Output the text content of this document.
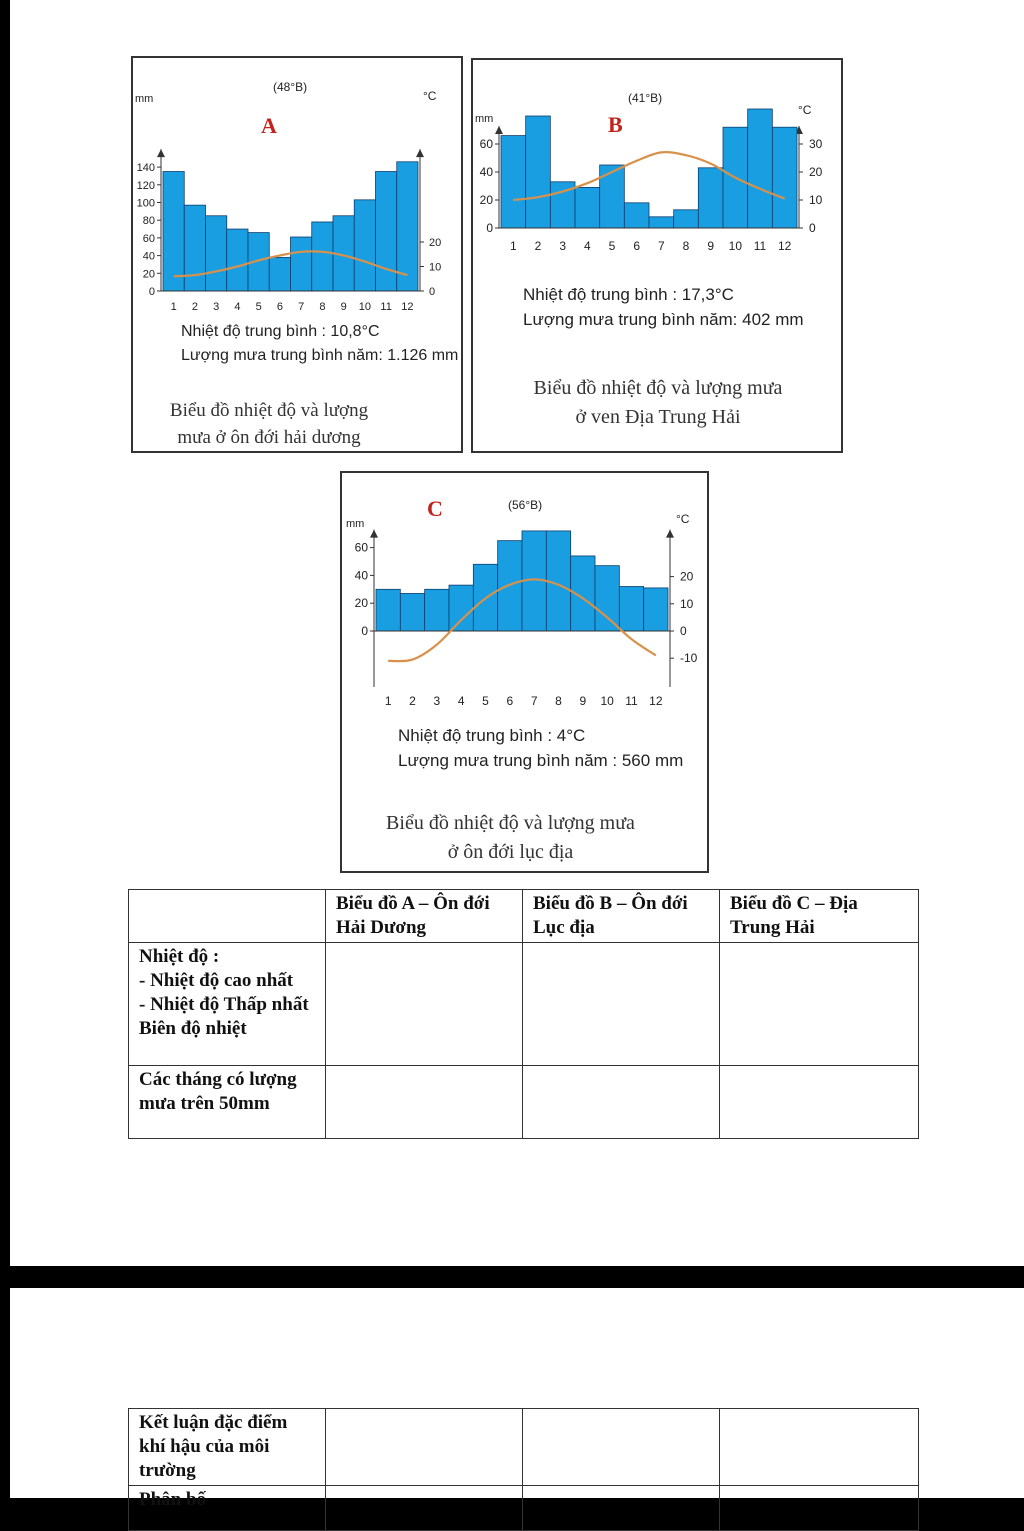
(48°B)
A
mm	°C
0
20
40
60
80
100
120
140
0
10
20
1 2 3 4 5 6 7 8 9 10 11 12
Nhiệt độ trung bình : 10,8°C
Lượng mưa trung bình năm: 1.126 mm
Biểu đồ nhiệt độ và lượng
mưa ở ôn đới hải dương
(41°B)
B
mm
°C
0
20
40
60
0
10
20
30
1 2 3 4 5 6 7 8 9 10 11 12
Nhiệt độ trung bình : 17,3°C
Lượng mưa trung bình năm: 402 mm
Biểu đồ nhiệt độ và lượng mưa
ở ven Địa Trung Hải
(56°B)
C
mm	°C
0
20
40
60
-10
0
10
20
1 2 3 4 5 6 7 8 9 10 11 12
Nhiệt độ trung bình : 4°C
Lượng mưa trung bình năm : 560 mm
Biểu đồ nhiệt độ và lượng mưa
ở ôn đới lục địa
	Biểu đồ A – Ôn đới Hải Dương	Biểu đồ B – Ôn đới Lục địa	Biểu đồ C – Địa Trung Hải
Nhiệt độ :
- Nhiệt độ cao nhất
- Nhiệt độ Thấp nhất
Biên độ nhiệt			
Các tháng có lượng mưa trên 50mm			
Kết luận đặc điểm khí hậu của môi trường			
Phân bố			
